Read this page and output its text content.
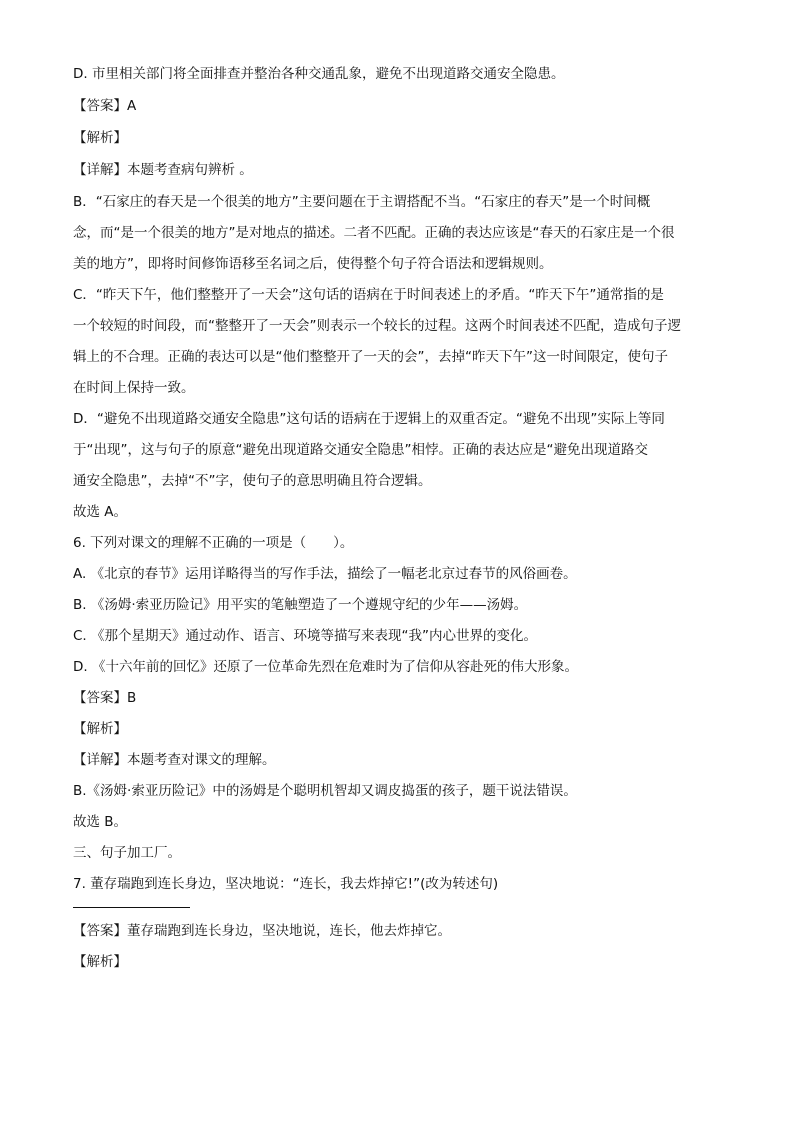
D. 市里相关部门将全面排查并整治各种交通乱象，避免不出现道路交通安全隐患。

【答案】A

【解析】

【详解】本题考查病句辨析 。

B．“石家庄的春天是一个很美的地方”主要问题在于主谓搭配不当。“石家庄的春天”是一个时间概

念，而“是一个很美的地方”是对地点的描述。二者不匹配。正确的表达应该是“春天的石家庄是一个很

美的地方”，即将时间修饰语移至名词之后，使得整个句子符合语法和逻辑规则。

C．“昨天下午，他们整整开了一天会”这句话的语病在于时间表述上的矛盾。“昨天下午”通常指的是

一个较短的时间段，而“整整开了一天会”则表示一个较长的过程。这两个时间表述不匹配，造成句子逻

辑上的不合理。正确的表达可以是“他们整整开了一天的会”，去掉“昨天下午”这一时间限定，使句子

在时间上保持一致。

D．“避免不出现道路交通安全隐患”这句话的语病在于逻辑上的双重否定。“避免不出现”实际上等同

于“出现”，这与句子的原意“避免出现道路交通安全隐患”相悖。正确的表达应是“避免出现道路交

通安全隐患”，去掉“不”字，使句子的意思明确且符合逻辑。

故选 A。

6. 下列对课文的理解不正确的一项是（　　）。

A. 《北京的春节》运用详略得当的写作手法，描绘了一幅老北京过春节的风俗画卷。

B. 《汤姆·索亚历险记》用平实的笔触塑造了一个遵规守纪的少年——汤姆。

C. 《那个星期天》通过动作、语言、环境等描写来表现“我”内心世界的变化。

D. 《十六年前的回忆》还原了一位革命先烈在危难时为了信仰从容赴死的伟大形象。

【答案】B

【解析】

【详解】本题考查对课文的理解。

B.《汤姆·索亚历险记》中的汤姆是个聪明机智却又调皮捣蛋的孩子，题干说法错误。

故选 B。

三、句子加工厂。

7. 董存瑞跑到连长身边，坚决地说：“连长，我去炸掉它!”(改为转述句)

【答案】董存瑞跑到连长身边，坚决地说，连长，他去炸掉它。

【解析】
